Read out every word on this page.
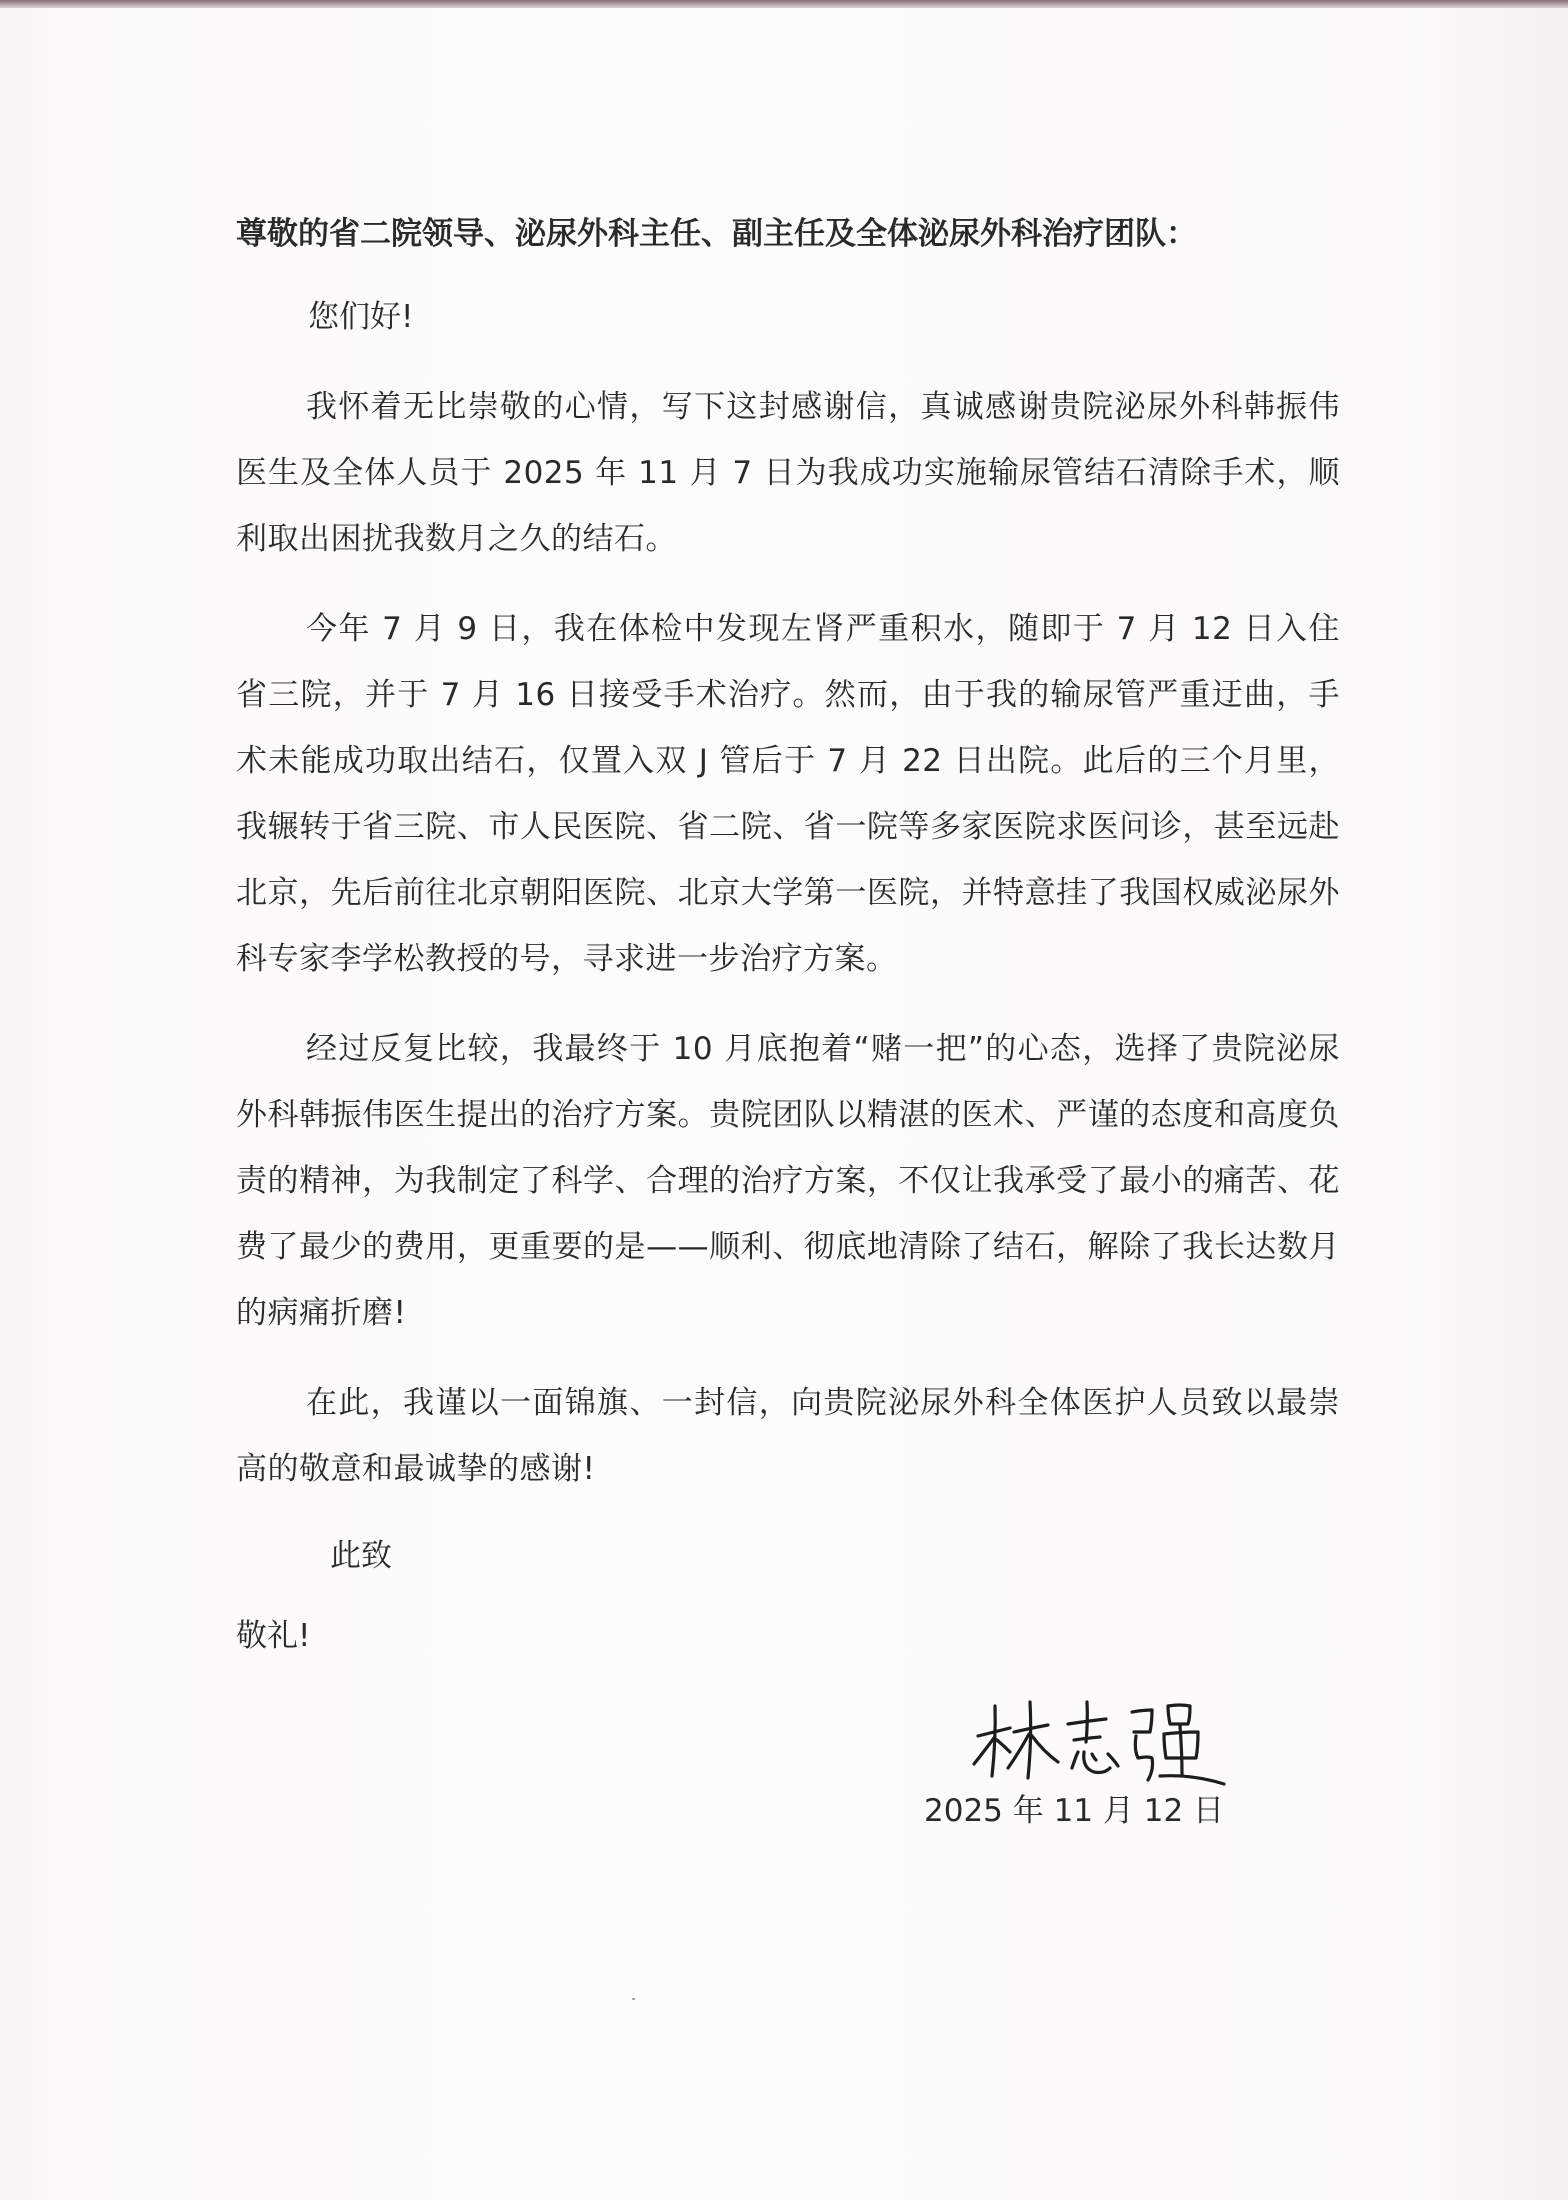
尊敬的省二院领导、泌尿外科主任、副主任及全体泌尿外科治疗团队：

您们好!

我怀着无比崇敬的心情，写下这封感谢信，真诚感谢贵院泌尿外科韩振伟医生及全体人员于 2025 年 11 月 7 日为我成功实施输尿管结石清除手术，顺利取出困扰我数月之久的结石。

今年 7 月 9 日，我在体检中发现左肾严重积水，随即于 7 月 12 日入住省三院，并于 7 月 16 日接受手术治疗。然而，由于我的输尿管严重迂曲，手术未能成功取出结石，仅置入双 J 管后于 7 月 22 日出院。此后的三个月里，我辗转于省三院、市人民医院、省二院、省一院等多家医院求医问诊，甚至远赴北京，先后前往北京朝阳医院、北京大学第一医院，并特意挂了我国权威泌尿外科专家李学松教授的号，寻求进一步治疗方案。

经过反复比较，我最终于 10 月底抱着“赌一把”的心态，选择了贵院泌尿外科韩振伟医生提出的治疗方案。贵院团队以精湛的医术、严谨的态度和高度负责的精神，为我制定了科学、合理的治疗方案，不仅让我承受了最小的痛苦、花费了最少的费用，更重要的是——顺利、彻底地清除了结石，解除了我长达数月的病痛折磨!

在此，我谨以一面锦旗、一封信，向贵院泌尿外科全体医护人员致以最崇高的敬意和最诚挚的感谢!

此致

敬礼!

2025 年 11 月 12 日
